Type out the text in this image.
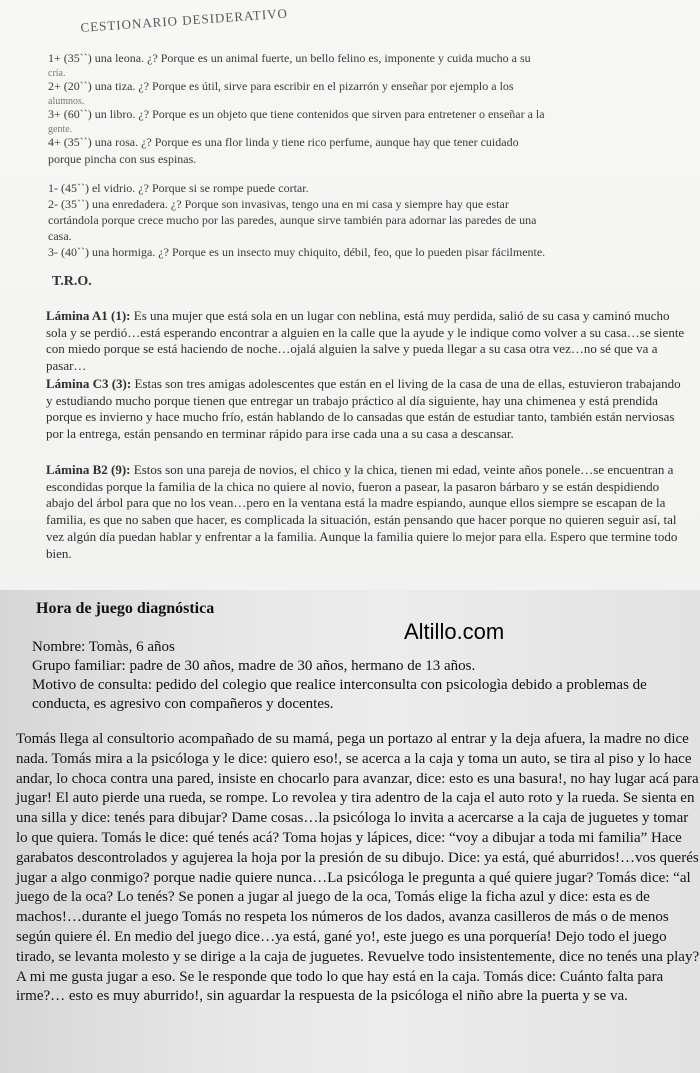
CESTIONARIO DESIDERATIVO
1+ (35``) una leona. ¿? Porque es un animal fuerte, un bello felino es, imponente y cuida mucho a su
cría.
2+ (20``) una tiza. ¿? Porque es útil, sirve para escribir en el pizarrón y enseñar por ejemplo a los
alumnos.
3+ (60``) un libro. ¿? Porque es un objeto que tiene contenidos que sirven para entretener o enseñar a la
gente.
4+ (35``) una rosa. ¿? Porque es una flor linda y tiene rico perfume, aunque hay que tener cuidado
porque pincha con sus espinas.
1- (45``) el vidrio. ¿? Porque si se rompe puede cortar.
2- (35``) una enredadera. ¿? Porque son invasivas, tengo una en mi casa y siempre hay que estar
cortándola porque crece mucho por las paredes, aunque sirve también para adornar las paredes de una
casa.
3- (40``) una hormiga. ¿? Porque es un insecto muy chiquito, débil, feo, que lo pueden pisar fácilmente.
T.R.O.
Lámina A1 (1): Es una mujer que está sola en un lugar con neblina, está muy perdida, salió de su casa y caminó mucho sola y se perdió…está esperando encontrar a alguien en la calle que la ayude y le indique como volver a su casa…se siente con miedo porque se está haciendo de noche…ojalá alguien la salve y pueda llegar a su casa otra vez…no sé que va a pasar…
Lámina C3 (3): Estas son tres amigas adolescentes que están en el living de la casa de una de ellas, estuvieron trabajando y estudiando mucho porque tienen que entregar un trabajo práctico al día siguiente, hay una chimenea y está prendida porque es invierno y hace mucho frío, están hablando de lo cansadas que están de estudiar tanto, también están nerviosas por la entrega, están pensando en terminar rápido para irse cada una a su casa a descansar.
Lámina B2 (9): Estos son una pareja de novios, el chico y la chica, tienen mi edad, veinte años ponele…se encuentran a escondidas porque la familia de la chica no quiere al novio, fueron a pasear, la pasaron bárbaro y se están despidiendo abajo del árbol para que no los vean…pero en la ventana está la madre espiando, aunque ellos siempre se escapan de la familia, es que no saben que hacer, es complicada la situación, están pensando que hacer porque no quieren seguir así, tal vez algún día puedan hablar y enfrentar a la familia. Aunque la familia quiere lo mejor para ella. Espero que termine todo bien.
Hora de juego diagnóstica
Altillo.com
Nombre: Tomàs, 6 años
Grupo familiar: padre de 30 años, madre de 30 años, hermano de 13 años.
Motivo de consulta: pedido del colegio que realice interconsulta con psicologìa debido a problemas de
conducta, es agresivo con compañeros y docentes.
Tomás llega al consultorio acompañado de su mamá, pega un portazo al entrar y la deja afuera, la madre no dice nada. Tomás mira a la psicóloga y le dice: quiero eso!, se acerca a la caja y toma un auto, se tira al piso y lo hace andar, lo choca contra una pared, insiste en chocarlo para avanzar, dice: esto es una basura!, no hay lugar acá para jugar! El auto pierde una rueda, se rompe. Lo revolea y tira adentro de la caja el auto roto y la rueda. Se sienta en una silla y dice: tenés para dibujar? Dame cosas…la psicóloga lo invita a acercarse a la caja de juguetes y tomar lo que quiera. Tomás le dice: qué tenés acá? Toma hojas y lápices, dice: “voy a dibujar a toda mi familia” Hace garabatos descontrolados y agujerea la hoja por la presión de su dibujo. Dice: ya está, qué aburridos!…vos querés jugar a algo conmigo? porque nadie quiere nunca…La psicóloga le pregunta a qué quiere jugar? Tomás dice: “al juego de la oca? Lo tenés? Se ponen a jugar al juego de la oca, Tomás elige la ficha azul y dice: esta es de machos!…durante el juego Tomás no respeta los números de los dados, avanza casilleros de más o de menos según quiere él. En medio del juego dice…ya está, gané yo!, este juego es una porquería! Dejo todo el juego tirado, se levanta molesto y se dirige a la caja de juguetes. Revuelve todo insistentemente, dice no tenés una play? A mi me gusta jugar a eso. Se le responde que todo lo que hay está en la caja. Tomás dice: Cuánto falta para irme?… esto es muy aburrido!, sin aguardar la respuesta de la psicóloga el niño abre la puerta y se va.
